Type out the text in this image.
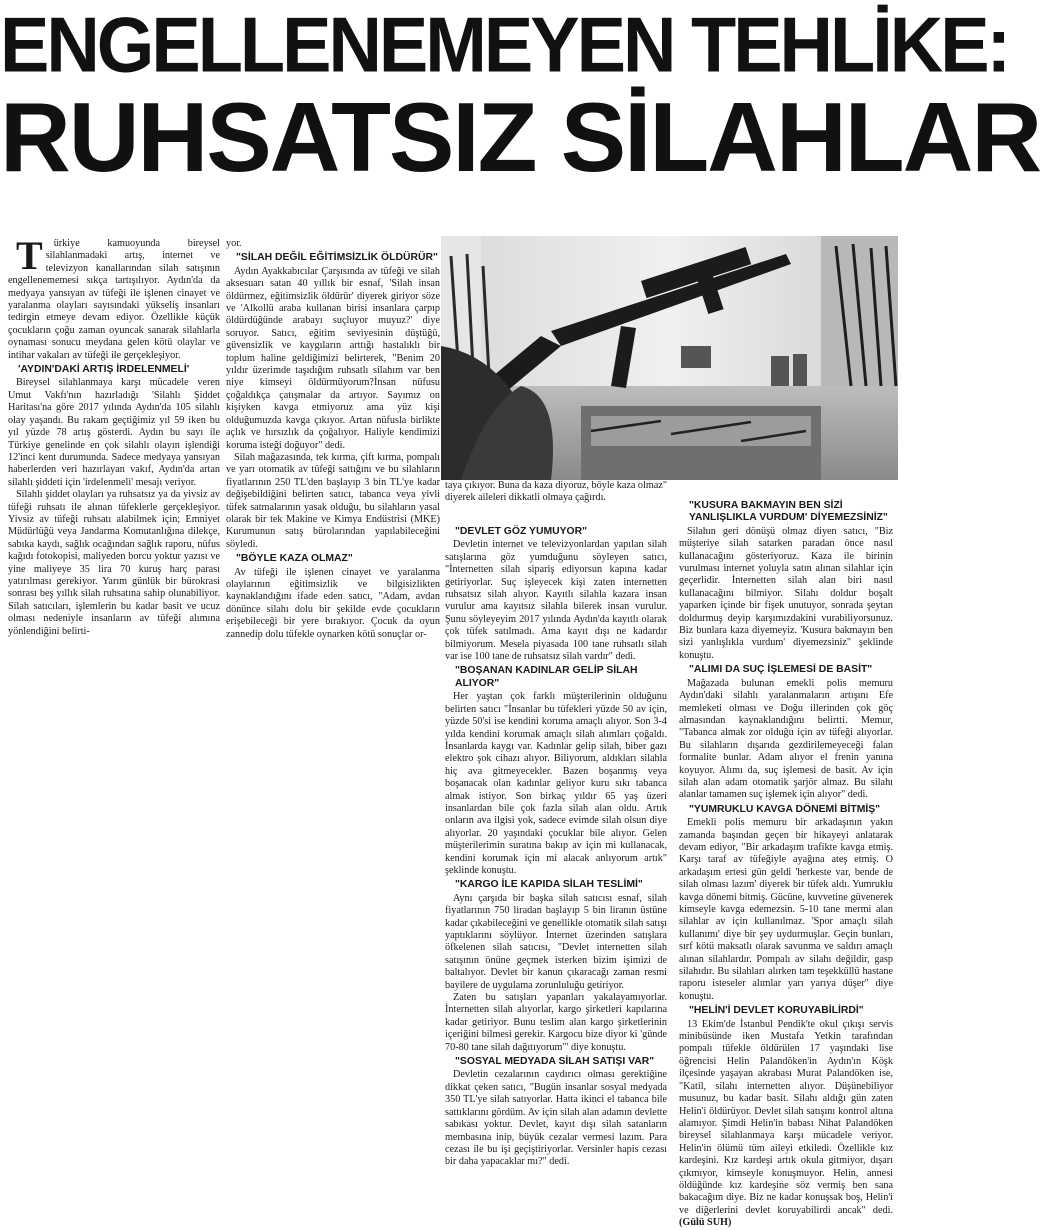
ENGELLENEMEYEN TEHLİKE:
RUHSATSIZ SİLAHLAR

T ürkiye kamuoyunda bireysel silahlanmadaki artış, internet ve televizyon kanallarından silah satışının engellenememesi sıkça tartışılıyor. Aydın'da da medyaya yansıyan av tüfeği ile işlenen cinayet ve yaralanma olayları sayısındaki yükseliş insanları tedirgin etmeye devam ediyor. Özellikle küçük çocukların çoğu zaman oyuncak sanarak silahlarla oynaması sonucu meydana gelen kötü olaylar ve intihar vakaları av tüfeği ile gerçekleşiyor.

'AYDIN'DAKİ ARTIŞ İRDELENMELİ'

Bireysel silahlanmaya karşı mücadele veren Umut Vakfı'nın hazırladığı 'Silahlı Şiddet Haritası'na göre 2017 yılında Aydın'da 105 silahlı olay yaşandı. Bu rakam geçtiğimiz yıl 59 iken bu yıl yüzde 78 artış gösterdi. Aydın bu sayı ile Türkiye genelinde en çok silahlı olayın işlendiği 12'inci kent durumunda. Sadece medyaya yansıyan haberlerden veri hazırlayan vakıf, Aydın'da artan silahlı şiddeti için 'irdelenmeli' mesajı veriyor.

Silahlı şiddet olayları ya ruhsatsız ya da yivsiz av tüfeği ruhsatı ile alınan tüfeklerle gerçekleşiyor. Yivsiz av tüfeği ruhsatı alabilmek için; Emniyet Müdürlüğü veya Jandarma Komutanlığına dilekçe, sabıka kaydı, sağlık ocağından sağlık raporu, nüfus kağıdı fotokopisi, maliyeden borcu yoktur yazısı ve yine maliyeye 35 lira 70 kuruş harç parası yatırılması gerekiyor. Yarım günlük bir bürokrasi sonrası beş yıllık silah ruhsatına sahip olunabiliyor. Silah satıcıları, işlemlerin bu kadar basit ve ucuz olması nedeniyle insanların av tüfeği alımına yönlendiğini belirti-

yor.

"SİLAH DEĞİL EĞİTİMSİZLİK ÖLDÜRÜR"

Aydın Ayakkabıcılar Çarşısında av tüfeği ve silah aksesuarı satan 40 yıllık bir esnaf, 'Silah insan öldürmez, eğitimsizlik öldürür' diyerek giriyor söze ve 'Alkollü araba kullanan birisi insanlara çarpıp öldürdüğünde arabayı suçluyor muyuz?' diye soruyor. Satıcı, eğitim seviyesinin düştüğü, güvensizlik ve kaygıların arttığı hastalıklı bir toplum haline geldiğimizi belirterek, "Benim 20 yıldır üzerimde taşıdığım ruhsatlı silahım var ben niye kimseyi öldürmüyorum?İnsan nüfusu çoğaldıkça çatışmalar da artıyor. Sayımız on kişiyken kavga etmiyoruz ama yüz kişi olduğumuzda kavga çıkıyor. Artan nüfusla birlikte açlık ve hırsızlık da çoğalıyor. Haliyle kendimizi koruma isteği doğuyor" dedi.

Silah mağazasında, tek kırma, çift kırma, pompalı ve yarı otomatik av tüfeği sattığını ve bu silahların fiyatlarının 250 TL'den başlayıp 3 bin TL'ye kadar değişebildiğini belirten satıcı, tabanca veya yivli tüfek satmalarının yasak olduğu, bu silahların yasal olarak bir tek Makine ve Kimya Endüstrisi (MKE) Kurumunun satış bürolarından yapılabileceğini söyledi.

"BÖYLE KAZA OLMAZ"

Av tüfeği ile işlenen cinayet ve yaralanma olaylarının eğitimsizlik ve bilgisizlikten kaynaklandığını ifade eden satıcı, "Adam, avdan dönünce silahı dolu bir şekilde evde çocukların erişebileceği bir yere bırakıyor. Çocuk da oyun zannedip dolu tüfekle oynarken kötü sonuçlar or-

taya çıkıyor. Buna da kaza diyoruz, böyle kaza olmaz" diyerek aileleri dikkatli olmaya çağırdı.

"DEVLET GÖZ YUMUYOR"

Devletin internet ve televizyonlardan yapılan silah satışlarına göz yumduğunu söyleyen satıcı, "İnternetten silah sipariş ediyorsun kapına kadar getiriyorlar. Suç işleyecek kişi zaten internetten ruhsatsız silah alıyor. Kayıtlı silahla kazara insan vurulur ama kayıtsız silahla bilerek insan vurulur. Şunu söyleyeyim 2017 yılında Aydın'da kayıtlı olarak çok tüfek satılmadı. Ama kayıt dışı ne kadardır bilmiyorum. Mesela piyasada 100 tane ruhsatlı silah var ise 100 tane de ruhsatsız silah vardır" dedi.

"BOŞANAN KADINLAR GELİP SİLAH ALIYOR"

Her yaştan çok farklı müşterilerinin olduğunu belirten satıcı "İnsanlar bu tüfekleri yüzde 50 av için, yüzde 50'si ise kendini koruma amaçlı alıyor. Son 3-4 yılda kendini korumak amaçlı silah alımları çoğaldı. İnsanlarda kaygı var. Kadınlar gelip silah, biber gazı elektro şok cihazı alıyor. Biliyorum, aldıkları silahla hiç ava gitmeyecekler. Bazen boşanmış veya boşanacak olan kadınlar geliyor kuru sıkı tabanca almak istiyor. Son birkaç yıldır 65 yaş üzeri insanlardan bile çok fazla silah alan oldu. Artık onların ava ilgisi yok, sadece evimde silah olsun diye alıyorlar. 20 yaşındaki çocuklar bile alıyor. Gelen müşterilerimin suratına bakıp av için mi kullanacak, kendini korumak için mi alacak anlıyorum artık" şeklinde konuştu.

"KARGO İLE KAPIDA SİLAH TESLİMİ"

Aynı çarşıda bir başka silah satıcısı esnaf, silah fiyatlarının 750 liradan başlayıp 5 bin liranın üstüne kadar çıkabileceğini ve genellikle otomatik silah satışı yaptıklarını söylüyor. İnternet üzerinden satışlara öfkelenen silah satıcısı, "Devlet internetten silah satışının önüne geçmek isterken bizim işimizi de baltalıyor. Devlet bir kanun çıkaracağı zaman resmi bayilere de uygulama zorunluluğu getiriyor.

Zaten bu satışları yapanları yakalayamıyorlar. İnternetten silah alıyorlar, kargo şirketleri kapılarına kadar getiriyor. Bunu teslim alan kargo şirketlerinin içeriğini bilmesi gerekir. Kargocu bize diyor ki 'günde 70-80 tane silah dağıtıyorum'" diye konuştu.

"SOSYAL MEDYADA SİLAH SATIŞI VAR"

Devletin cezalarının caydırıcı olması gerektiğine dikkat çeken satıcı, "Bugün insanlar sosyal medyada 350 TL'ye silah satıyorlar. Hatta ikinci el tabanca bile sattıklarını gördüm. Av için silah alan adamın devlette sabıkası yoktur. Devlet, kayıt dışı silah satanların membasına inip, büyük cezalar vermesi lazım. Para cezası ile bu işi geçiştiriyorlar. Versinler hapis cezası bir daha yapacaklar mı?" dedi.

"KUSURA BAKMAYIN BEN SİZİ YANLIŞLIKLA VURDUM' DİYEMEZSİNİZ"

Silahın geri dönüşü olmaz diyen satıcı, "Biz müşteriye silah satarken paradan önce nasıl kullanacağını gösteriyoruz. Kaza ile birinin vurulması internet yoluyla satın alınan silahlar için geçerlidir. İnternetten silah alan biri nasıl kullanacağını bilmiyor. Silahı doldur boşalt yaparken içinde bir fişek unutuyor, sonrada şeytan doldurmuş deyip karşımızdakini vurabiliyorsunuz. Biz bunlara kaza diyemeyiz. 'Kusura bakmayın ben sizi yanlışlıkla vurdum' diyemezsiniz" şeklinde konuştu.

"ALIMI DA SUÇ İŞLEMESİ DE BASİT"

Mağazada bulunan emekli polis memuru Aydın'daki silahlı yaralanmaların artışını Efe memleketi olması ve Doğu illerinden çok göç almasından kaynaklandığını belirtti. Memur, "Tabanca almak zor olduğu için av tüfeği alıyorlar. Bu silahların dışarıda gezdirilemeyeceği falan formalite bunlar. Adam alıyor el frenin yanına koyuyor. Alımı da, suç işlemesi de basit. Av için silah alan adam otomatik şarjör almaz. Bu silahı alanlar tamamen suç işlemek için alıyor" dedi.

"YUMRUKLU KAVGA DÖNEMİ BİTMİŞ"

Emekli polis memuru bir arkadaşının yakın zamanda başından geçen bir hikayeyi anlatarak devam ediyor, "Bir arkadaşım trafikte kavga etmiş. Karşı taraf av tüfeğiyle ayağına ateş etmiş. O arkadaşım ertesi gün geldi 'herkeste var, bende de silah olması lazım' diyerek bir tüfek aldı. Yumruklu kavga dönemi bitmiş. Gücüne, kuvvetine güvenerek kimseyle kavga edemezsin. 5-10 tane mermi alan silahlar av için kullanılmaz. 'Spor amaçlı silah kullanımı' diye bir şey uydurmuşlar. Geçin bunları, sırf kötü maksatlı olarak savunma ve saldırı amaçlı alınan silahlardır. Pompalı av silahı değildir, gasp silahıdır. Bu silahları alırken tam teşekküllü hastane raporu isteseler alımlar yarı yarıya düşer" diye konuştu.

"HELİN'İ DEVLET KORUYABİLİRDİ"

13 Ekim'de İstanbul Pendik'te okul çıkışı servis minibüsünde iken Mustafa Yetkin tarafından pompalı tüfekle öldürülen 17 yaşındaki lise öğrencisi Helin Palandöken'in Aydın'ın Köşk ilçesinde yaşayan akrabası Murat Palandöken ise, "Katil, silahı internetten alıyor. Düşünebiliyor musunuz, bu kadar basit. Silahı aldığı gün zaten Helin'i öldürüyor. Devlet silah satışını kontrol altına alamıyor. Şimdi Helin'in babası Nihat Palandöken bireysel silahlanmaya karşı mücadele veriyor. Helin'in ölümü tüm aileyi etkiledi. Özellikle kız kardeşini. Kız kardeşi artık okula gitmiyor, dışarı çıkmıyor, kimseyle konuşmuyor. Helin, annesi öldüğünde kız kardeşine söz vermiş ben sana bakacağım diye. Biz ne kadar konuşsak boş, Helin'i ve diğerlerini devlet koruyabilirdi ancak" dedi. (Gülü SUH)
